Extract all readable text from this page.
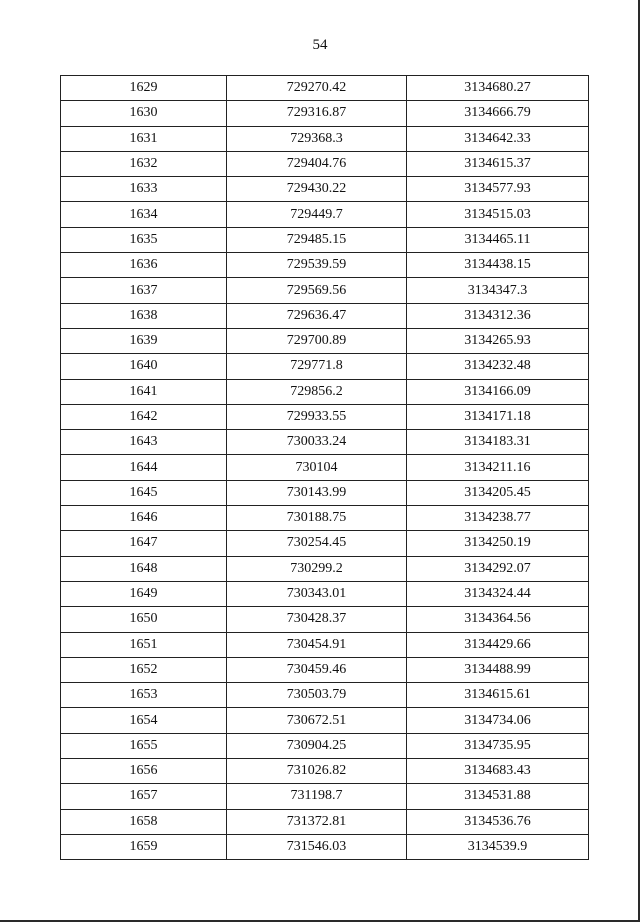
54
1629	729270.42	3134680.27
1630	729316.87	3134666.79
1631	729368.3	3134642.33
1632	729404.76	3134615.37
1633	729430.22	3134577.93
1634	729449.7	3134515.03
1635	729485.15	3134465.11
1636	729539.59	3134438.15
1637	729569.56	3134347.3
1638	729636.47	3134312.36
1639	729700.89	3134265.93
1640	729771.8	3134232.48
1641	729856.2	3134166.09
1642	729933.55	3134171.18
1643	730033.24	3134183.31
1644	730104	3134211.16
1645	730143.99	3134205.45
1646	730188.75	3134238.77
1647	730254.45	3134250.19
1648	730299.2	3134292.07
1649	730343.01	3134324.44
1650	730428.37	3134364.56
1651	730454.91	3134429.66
1652	730459.46	3134488.99
1653	730503.79	3134615.61
1654	730672.51	3134734.06
1655	730904.25	3134735.95
1656	731026.82	3134683.43
1657	731198.7	3134531.88
1658	731372.81	3134536.76
1659	731546.03	3134539.9
